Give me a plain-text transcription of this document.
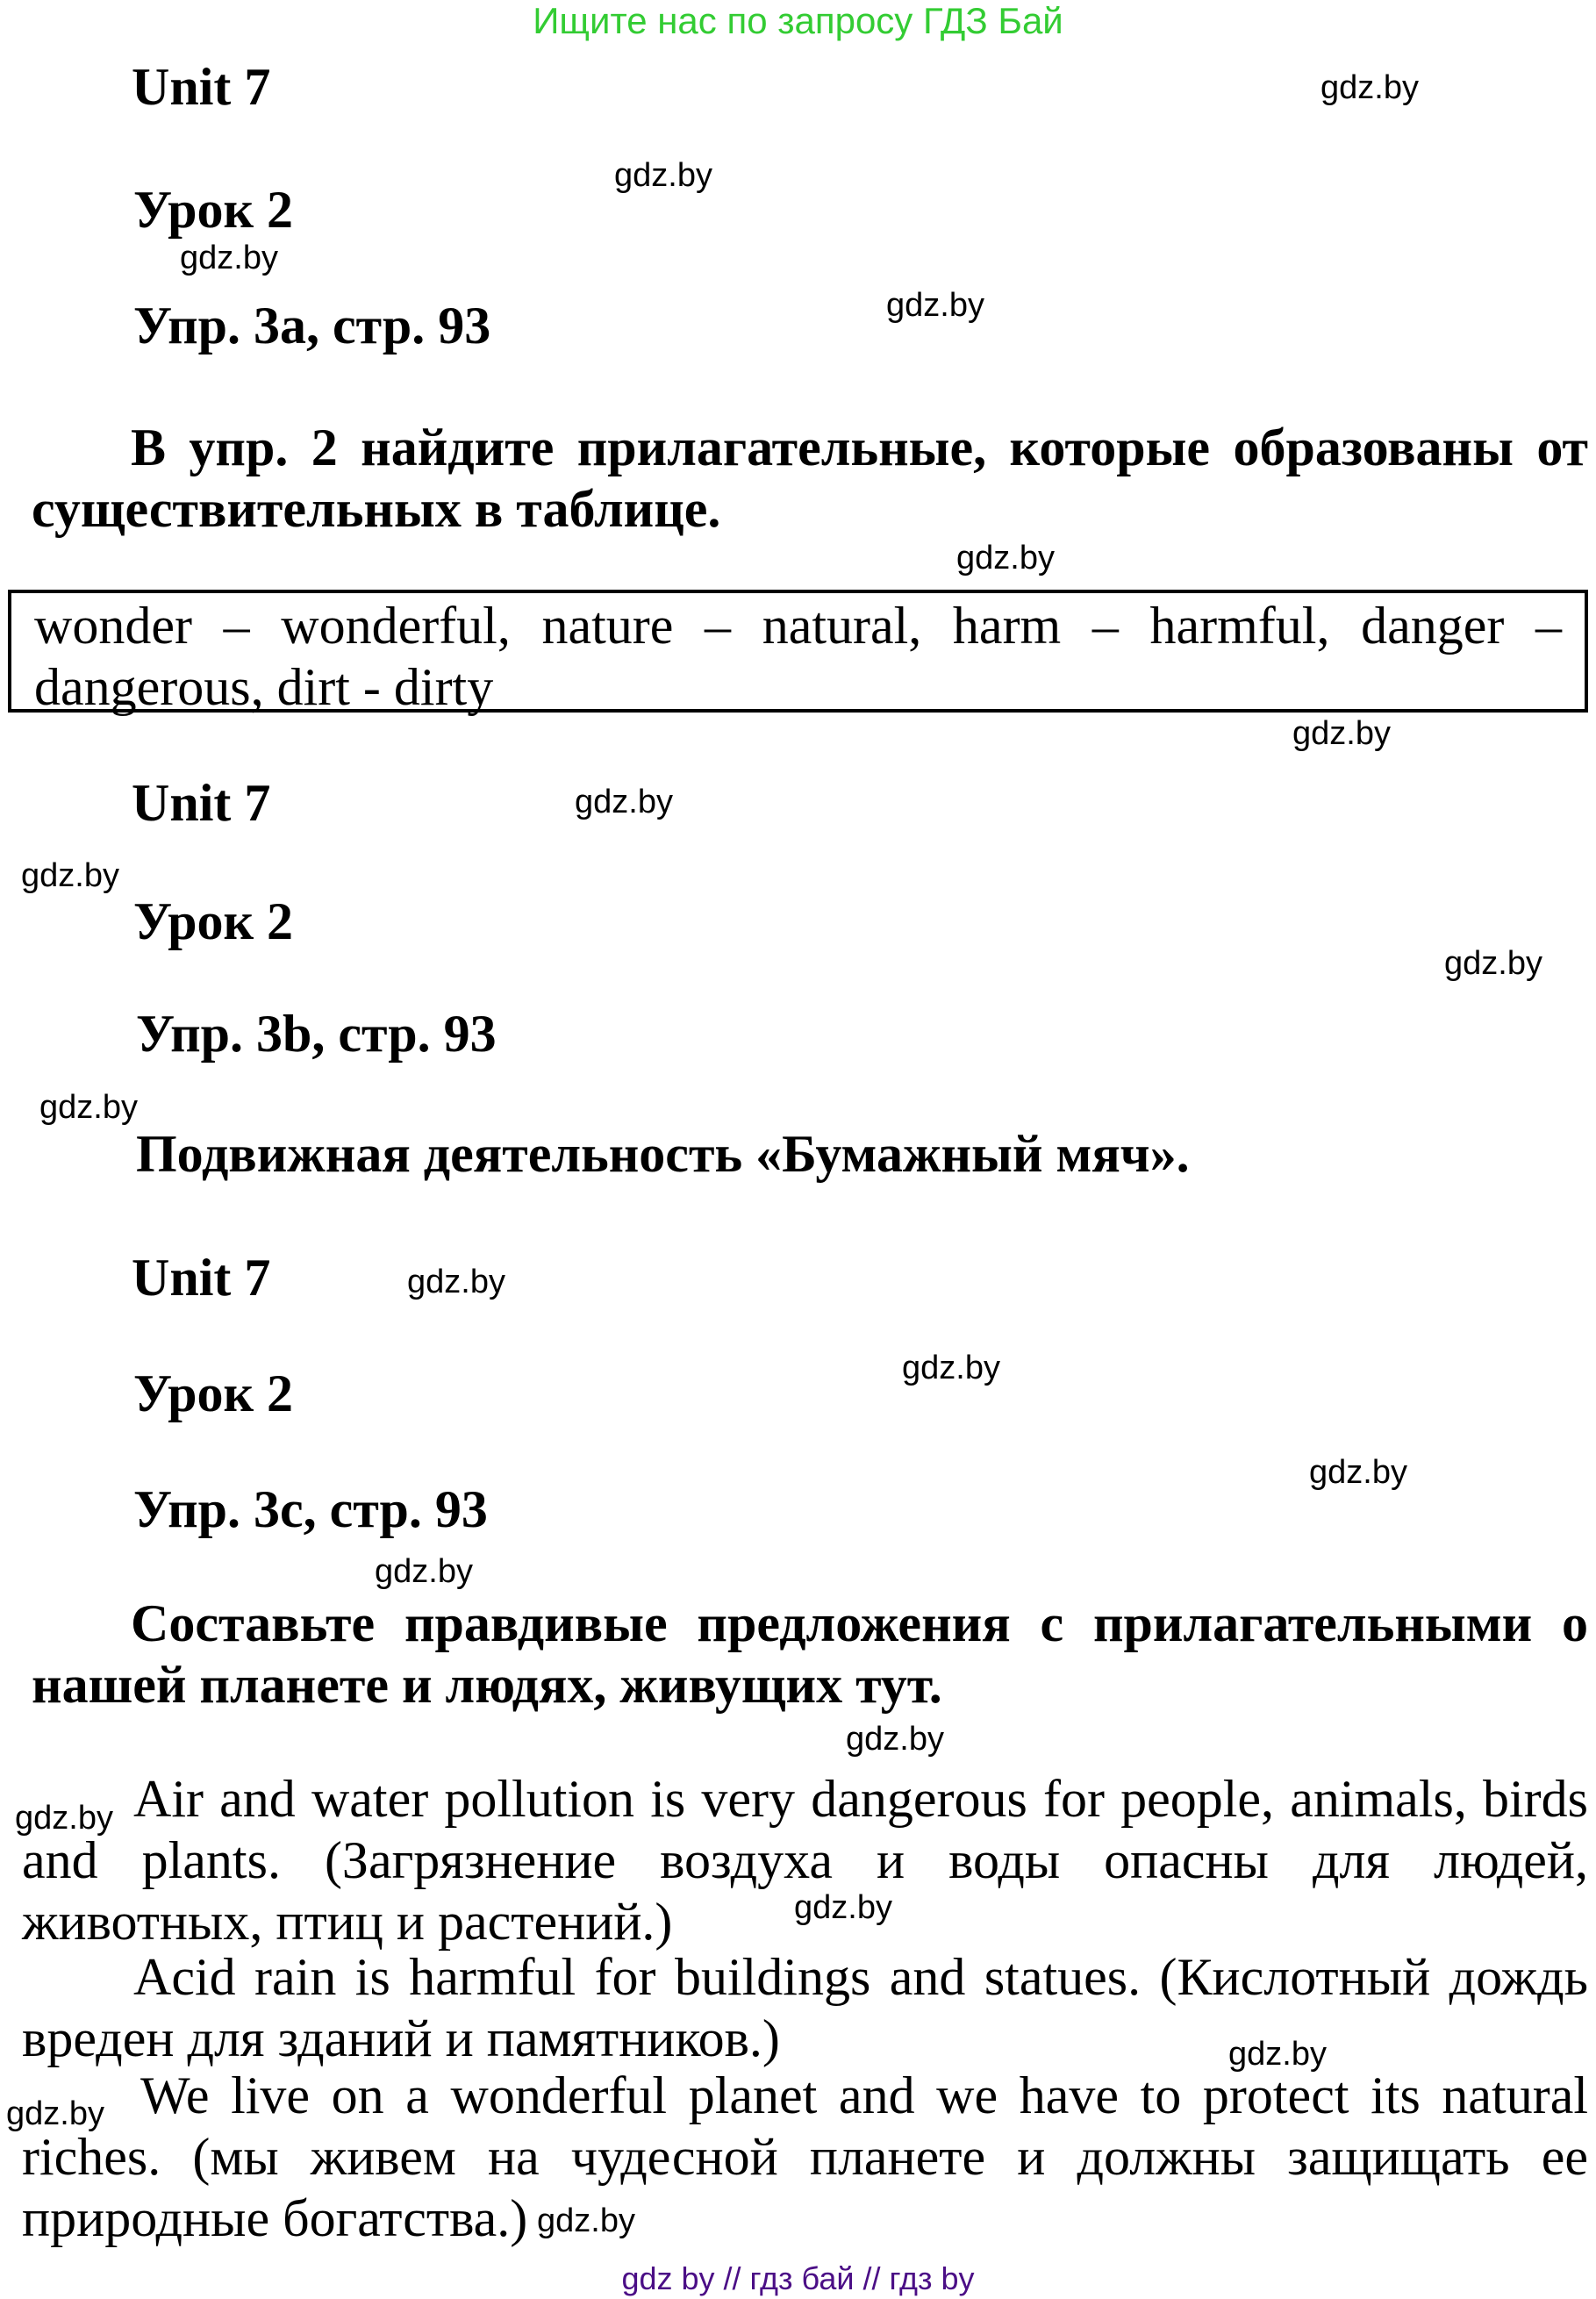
Ищите нас по запросу ГДЗ Бай
Unit 7
Урок 2
Упр. 3a, стр. 93
В упр. 2 найдите прилагательные, которые образованы от
существительных в таблице.
wonder – wonderful, nature – natural, harm – harmful, danger –
dangerous, dirt - dirty
Unit 7
Урок 2
Упр. 3b, стр. 93
Подвижная деятельность «Бумажный мяч».
Unit 7
Урок 2
Упр. 3c, стр. 93
Составьте правдивые предложения с прилагательными о
нашей планете и людях, живущих тут.
Air and water pollution is very dangerous for people, animals, birds
and plants. (Загрязнение воздуха и воды опасны для людей,
животных, птиц и растений.)
Acid rain is harmful for buildings and statues. (Кислотный дождь
вреден для зданий и памятников.)
We live on a wonderful planet and we have to protect its natural
riches. (мы живем на чудесной планете и должны защищать ее
природные богатства.)
gdz.by
gdz.by
gdz.by
gdz.by
gdz.by
gdz.by
gdz.by
gdz.by
gdz.by
gdz.by
gdz.by
gdz.by
gdz.by
gdz.by
gdz.by
gdz.by
gdz.by
gdz.by
gdz.by
gdz.by
gdz by // гдз бай // гдз by
